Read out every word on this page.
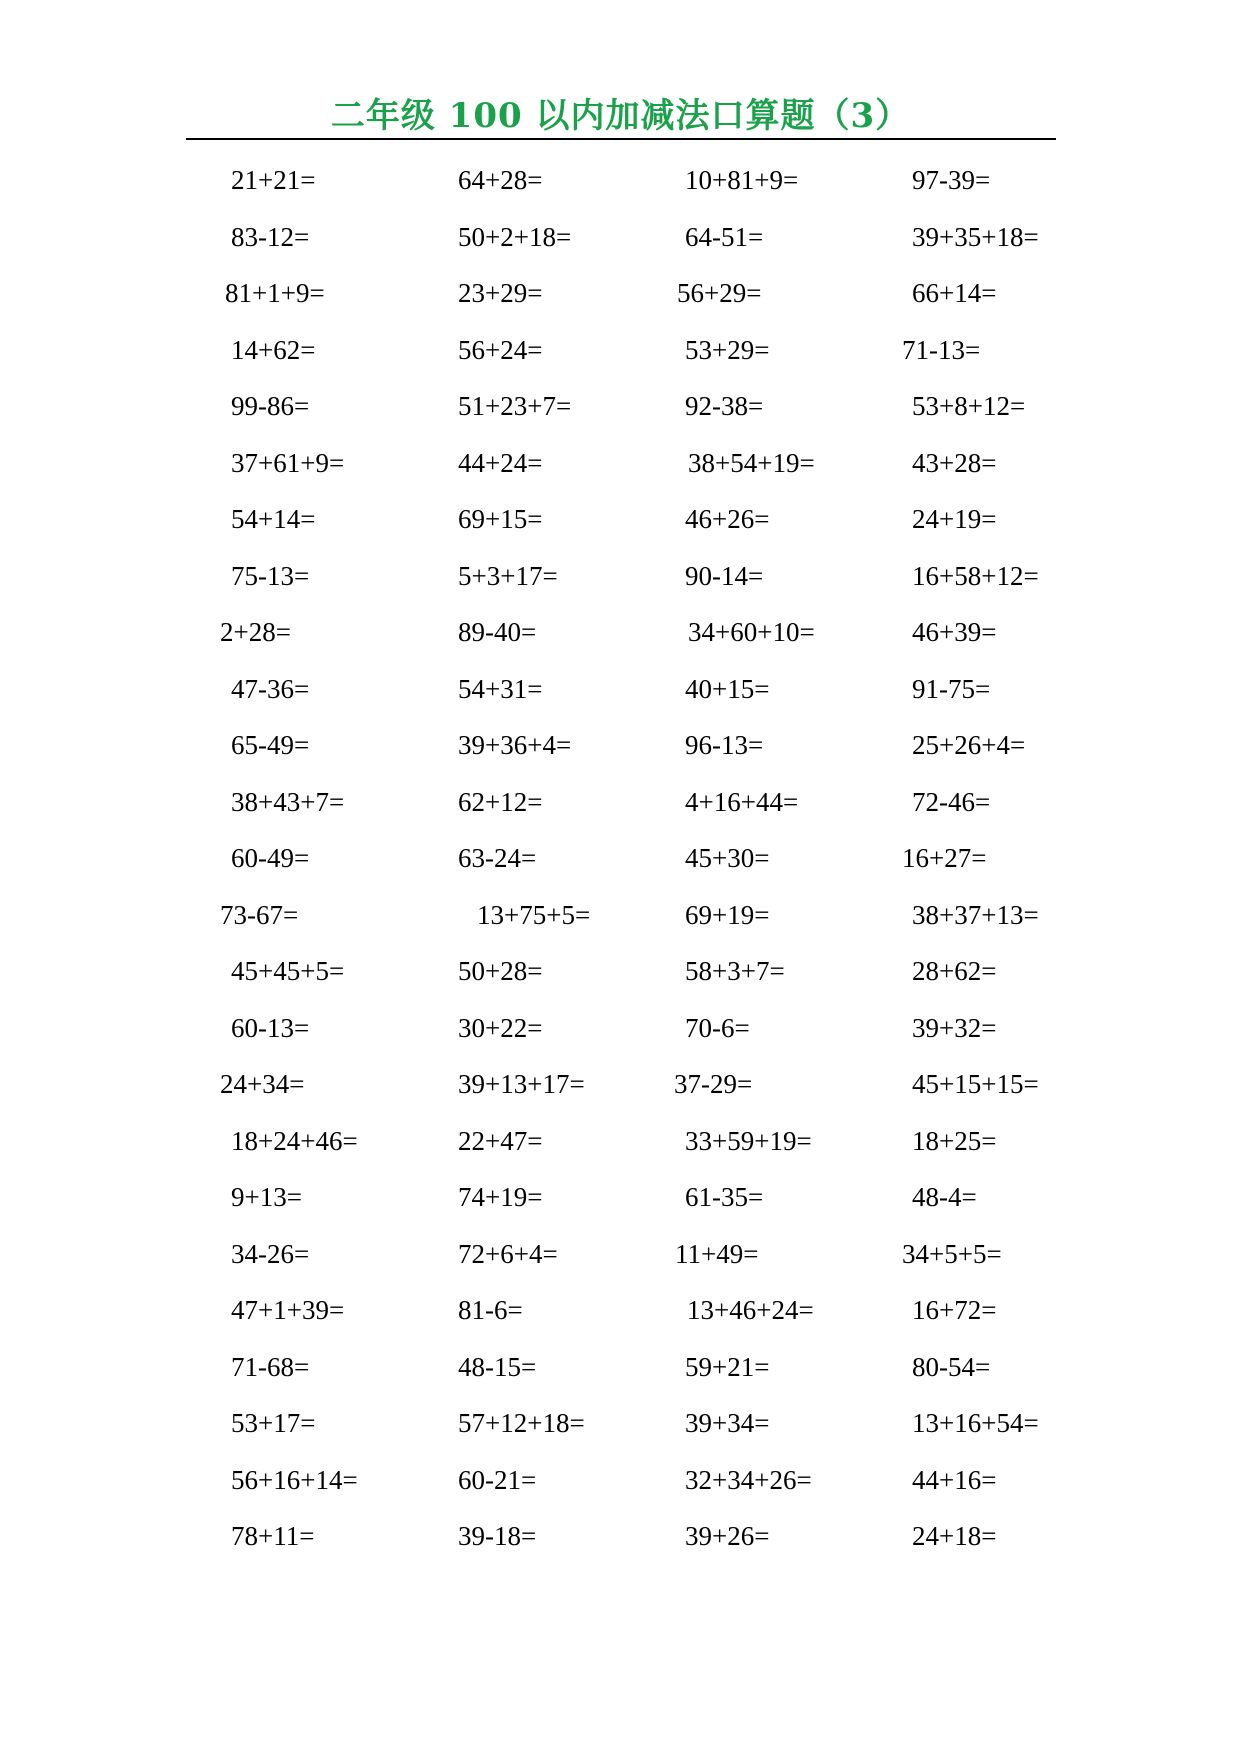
二年级 100 以内加减法口算题（3）
21+21=	64+28=	10+81+9=	97-39=
83-12=	50+2+18=	64-51=	39+35+18=
81+1+9=	23+29=	56+29=	66+14=
14+62=	56+24=	53+29=	71-13=
99-86=	51+23+7=	92-38=	53+8+12=
37+61+9=	44+24=	38+54+19=	43+28=
54+14=	69+15=	46+26=	24+19=
75-13=	5+3+17=	90-14=	16+58+12=
2+28=	89-40=	34+60+10=	46+39=
47-36=	54+31=	40+15=	91-75=
65-49=	39+36+4=	96-13=	25+26+4=
38+43+7=	62+12=	4+16+44=	72-46=
60-49=	63-24=	45+30=	16+27=
73-67=	13+75+5=	69+19=	38+37+13=
45+45+5=	50+28=	58+3+7=	28+62=
60-13=	30+22=	70-6=	39+32=
24+34=	39+13+17=	37-29=	45+15+15=
18+24+46=	22+47=	33+59+19=	18+25=
9+13=	74+19=	61-35=	48-4=
34-26=	72+6+4=	11+49=	34+5+5=
47+1+39=	81-6=	13+46+24=	16+72=
71-68=	48-15=	59+21=	80-54=
53+17=	57+12+18=	39+34=	13+16+54=
56+16+14=	60-21=	32+34+26=	44+16=
78+11=	39-18=	39+26=	24+18=
